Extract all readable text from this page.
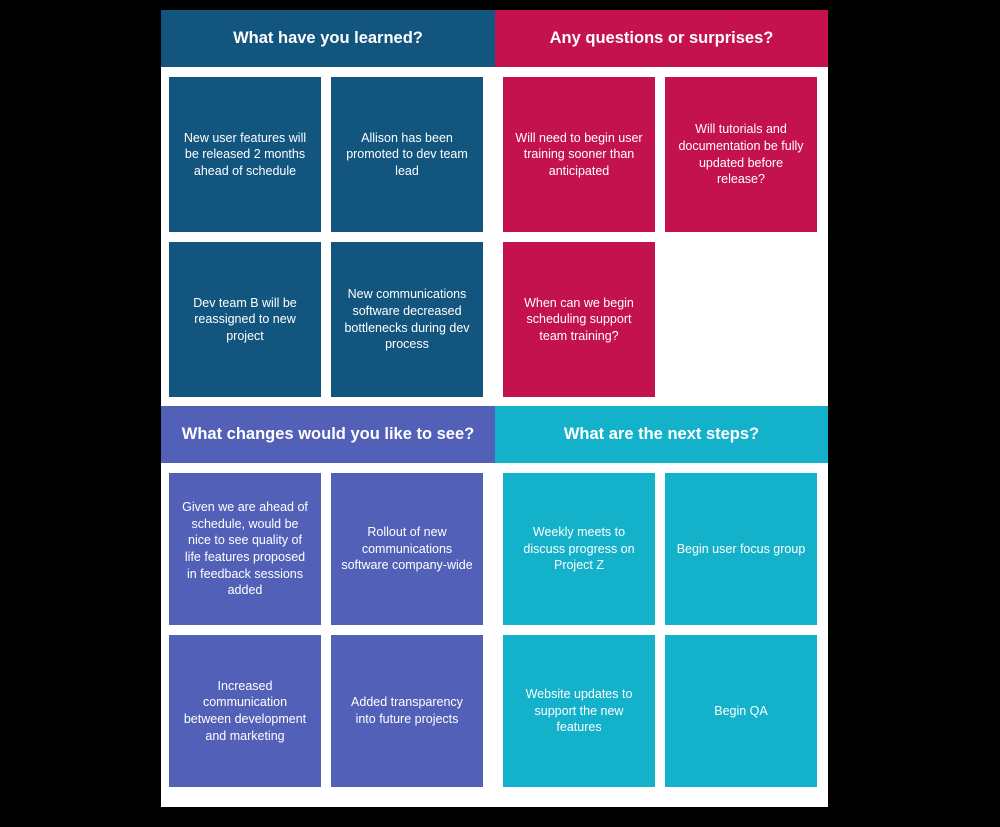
What have you learned?
New user features will be released 2 months ahead of schedule
Allison has been promoted to dev team lead
Dev team B will be reassigned to new project
New communications software decreased bottlenecks during dev process
Any questions or surprises?
Will need to begin user training sooner than anticipated
Will tutorials and documentation be fully updated before release?
When can we begin scheduling support team training?
What changes would you like to see?
Given we are ahead of schedule, would be nice to see quality of life features proposed in feedback sessions added
Rollout of new communications software company-wide
Increased communication between development and marketing
Added transparency into future projects
What are the next steps?
Weekly meets to discuss progress on Project Z
Begin user focus group
Website updates to support the new features
Begin QA
